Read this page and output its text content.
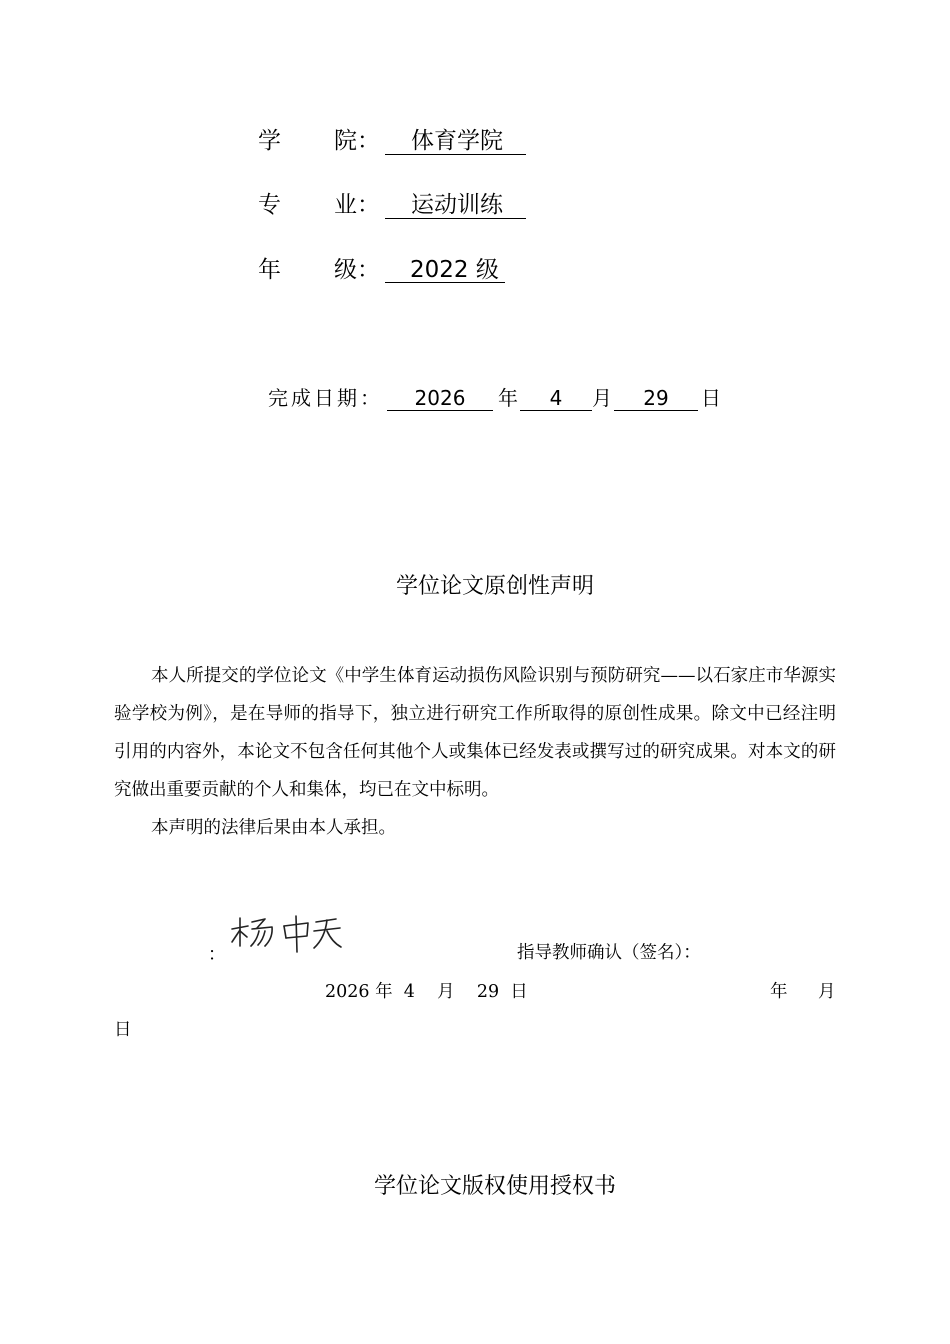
学 院： 体育学院
专 业： 运动训练
年 级： 2022 级
完成日期：	2026	年	4	月	29	日
学位论文原创性声明

本人所提交的学位论文《中学生体育运动损伤风险识别与预防研究——以石家庄市华源实验学校为例》，是在导师的指导下，独立进行研究工作所取得的原创性成果。除文中已经注明引用的内容外，本论文不包含任何其他个人或集体已经发表或撰写过的研究成果。对本文的研究做出重要贡献的个人和集体，均已在文中标明。

本声明的法律后果由本人承担。

：	指导教师确认（签名）：
2026 年  4    月    29  日	年 月
日
学位论文版权使用授权书
